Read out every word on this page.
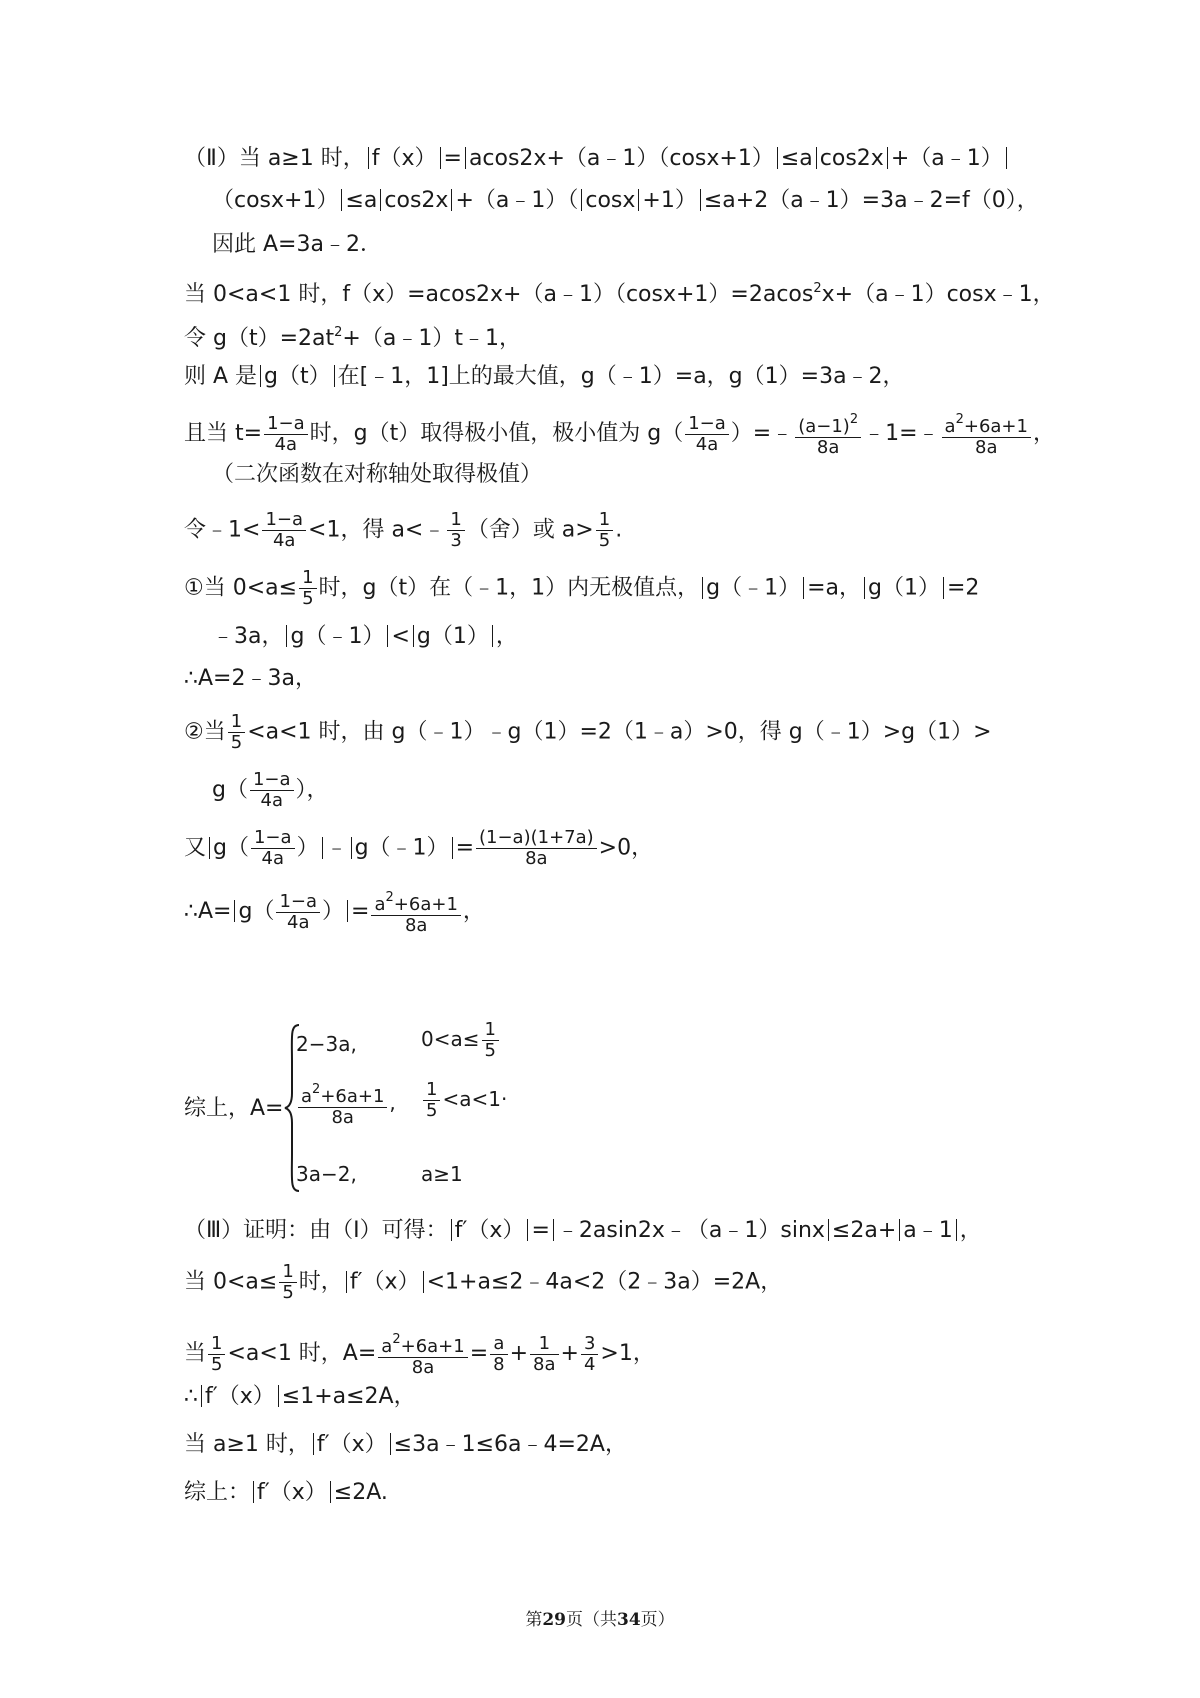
（Ⅱ）当 a≥1 时， f（x） = acos2x+（a﹣1）（cosx+1） ≤a cos2x +（a﹣1）
（cosx+1） ≤a cos2x +（a﹣1）（ cosx +1） ≤a+2（a﹣1）=3a﹣2=f（0），
因此 A=3a﹣2．
当 0<a<1 时，f（x）=acos2x+（a﹣1）（cosx+1）=2acos$^2$x+（a﹣1）cosx﹣1，
令 $g(t)=2at^2+(a﹣1)t﹣1$，
则 A 是 g（t） 在[﹣1，1]上的最大值，g（﹣1）=a，g（1）=3a﹣2，
且当 $t= \frac{1-a}{4a}$ 时，g（t）取得极小值，极小值为 $g( \frac{1-a}{4a}$ ）=﹣ $\frac{(a-1)^2}{8a}$ ﹣1=﹣ $\frac{a^2+6a+1}{8a}$ ，
（二次函数在对称轴处取得极值）
令﹣1< $\frac{1-a}{4a} <1$，得 a<﹣ $\frac{1}{3}$ （舍）或 $a> \frac{1}{5}$ .
①当 $0<a\le \frac{1}{5}$ 时，g（t）在（﹣1，1）内无极值点， g（﹣1） =a， g（1） =2
﹣3a， g（﹣1） < g（1） ，
∴A=2﹣3a，
②当 $\frac{1}{5} <a<1$ 时，由 g（﹣1）﹣g（1）=2（1﹣a）>0，得 g（﹣1）>g（1）>
$g( \frac{1-a}{4a}$ ），
又 $g( \frac{1-a}{4a}$ ） ﹣ g（﹣1） = $\frac{(1-a)(1+7a)}{8a} >0$，
∴A= $g( \frac{1-a}{4a}$ ） = $\frac{a^2+6a+1}{8a}$ ，
综上，A=
2−3a,	$0<a\le \frac{1}{5}$
$\frac{a^2+6a+1}{8a}$ , $\frac{1}{5} <a<1\cdot$
3a−2,	a≥1
（Ⅲ）证明：由（Ⅰ）可得： f′（x） = ﹣2asin2x﹣（a﹣1）sinx ≤2a+ a﹣1 ，
当 $0<a\le \frac{1}{5}$ 时， f′（x） <1+a≤2﹣4a<2（2﹣3a）=2A，
当 $\frac{1}{5} <a<1$ 时，$A= \frac{a^2+6a+1}{8a} = \frac{a}{8} + \frac{1}{8a} + \frac{3}{4} >1$，
∴ f′（x） ≤1+a≤2A，
当 a≥1 时， f′（x） ≤3a﹣1≤6a﹣4=2A，
综上： f′（x） ≤2A.
第29页（共34页）
